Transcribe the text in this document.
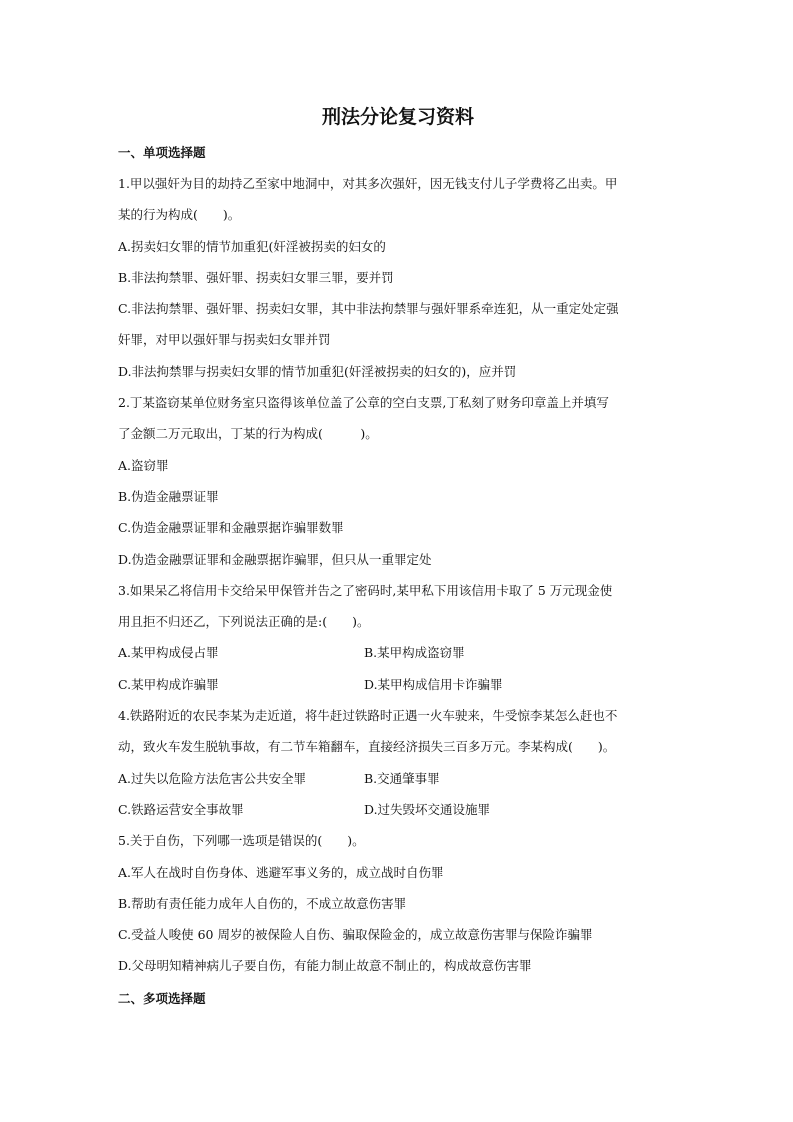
刑法分论复习资料
一、单项选择题

1.甲以强奸为目的劫持乙至家中地洞中，对其多次强奸，因无钱支付儿子学费将乙出卖。甲

某的行为构成(　　)。

A.拐卖妇女罪的情节加重犯(奸淫被拐卖的妇女的

B.非法拘禁罪、强奸罪、拐卖妇女罪三罪，要并罚

C.非法拘禁罪、强奸罪、拐卖妇女罪，其中非法拘禁罪与强奸罪系牵连犯，从一重定处定强

奸罪，对甲以强奸罪与拐卖妇女罪并罚

D.非法拘禁罪与拐卖妇女罪的情节加重犯(奸淫被拐卖的妇女的)，应并罚

2.丁某盗窃某单位财务室只盗得该单位盖了公章的空白支票,丁私刻了财务印章盖上并填写

了金额二万元取出，丁某的行为构成(　　　)。

A.盗窃罪

B.伪造金融票证罪

C.伪造金融票证罪和金融票据诈骗罪数罪

D.伪造金融票证罪和金融票据诈骗罪，但只从一重罪定处

3.如果呆乙将信用卡交给呆甲保管并告之了密码时,某甲私下用该信用卡取了 5 万元现金使

用且拒不归还乙，下列说法正确的是:(　　)。

A.某甲构成侵占罪	B.某甲构成盗窃罪
C.某甲构成诈骗罪	D.某甲构成信用卡诈骗罪

4.铁路附近的农民李某为走近道，将牛赶过铁路时正遇一火车驶来，牛受惊李某怎么赶也不

动，致火车发生脱轨事故，有二节车箱翻车，直接经济损失三百多万元。李某构成(　　)。

A.过失以危险方法危害公共安全罪	B.交通肇事罪
C.铁路运营安全事故罪	D.过失毁坏交通设施罪

5.关于自伤，下列哪一选项是错误的(　　)。

A.军人在战时自伤身体、逃避军事义务的，成立战时自伤罪

B.帮助有责任能力成年人自伤的，不成立故意伤害罪

C.受益人唆使 60 周岁的被保险人自伤、骗取保险金的，成立故意伤害罪与保险诈骗罪

D.父母明知精神病儿子要自伤，有能力制止故意不制止的，构成故意伤害罪

二、多项选择题
